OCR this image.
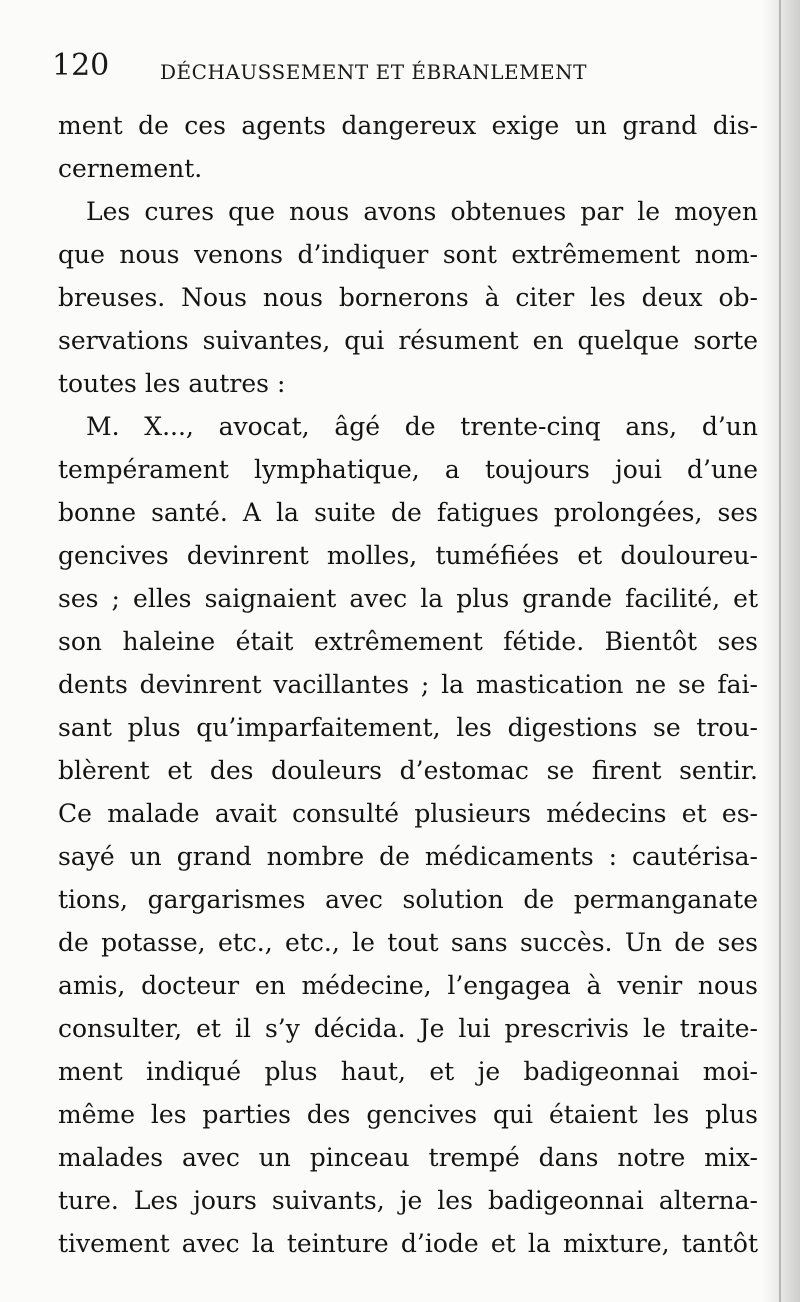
120	DÉCHAUSSEMENT ET ÉBRANLEMENT
ment de ces agents dangereux exige un grand dis-
cernement.
Les cures que nous avons obtenues par le moyen
que nous venons d’indiquer sont extrêmement nom-
breuses. Nous nous bornerons à citer les deux ob-
servations suivantes, qui résument en quelque sorte
toutes les autres :
M. X..., avocat, âgé de trente-cinq ans, d’un
tempérament lymphatique, a toujours joui d’une
bonne santé. A la suite de fatigues prolongées, ses
gencives devinrent molles, tuméfiées et douloureu-
ses ; elles saignaient avec la plus grande facilité, et
son haleine était extrêmement fétide. Bientôt ses
dents devinrent vacillantes ; la mastication ne se fai-
sant plus qu’imparfaitement, les digestions se trou-
blèrent et des douleurs d’estomac se firent sentir.
Ce malade avait consulté plusieurs médecins et es-
sayé un grand nombre de médicaments : cautérisa-
tions, gargarismes avec solution de permanganate
de potasse, etc., etc., le tout sans succès. Un de ses
amis, docteur en médecine, l’engagea à venir nous
consulter, et il s’y décida. Je lui prescrivis le traite-
ment indiqué plus haut, et je badigeonnai moi-
même les parties des gencives qui étaient les plus
malades avec un pinceau trempé dans notre mix-
ture. Les jours suivants, je les badigeonnai alterna-
tivement avec la teinture d’iode et la mixture, tantôt
